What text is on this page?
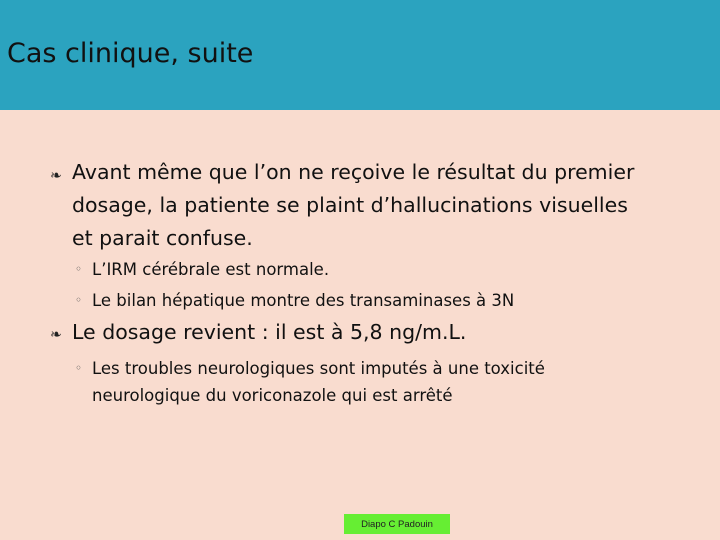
Cas clinique, suite
❧ Avant même que l’on ne reçoive le résultat du premier
dosage, la patiente se plaint d’hallucinations visuelles
et parait confuse.
◦ L’IRM cérébrale est normale.
◦ Le bilan hépatique montre des transaminases à 3N
❧ Le dosage revient : il est à 5,8 ng/m.L.
◦ Les troubles neurologiques sont imputés à une toxicité
neurologique du voriconazole qui est arrêté
Diapo C Padouin
